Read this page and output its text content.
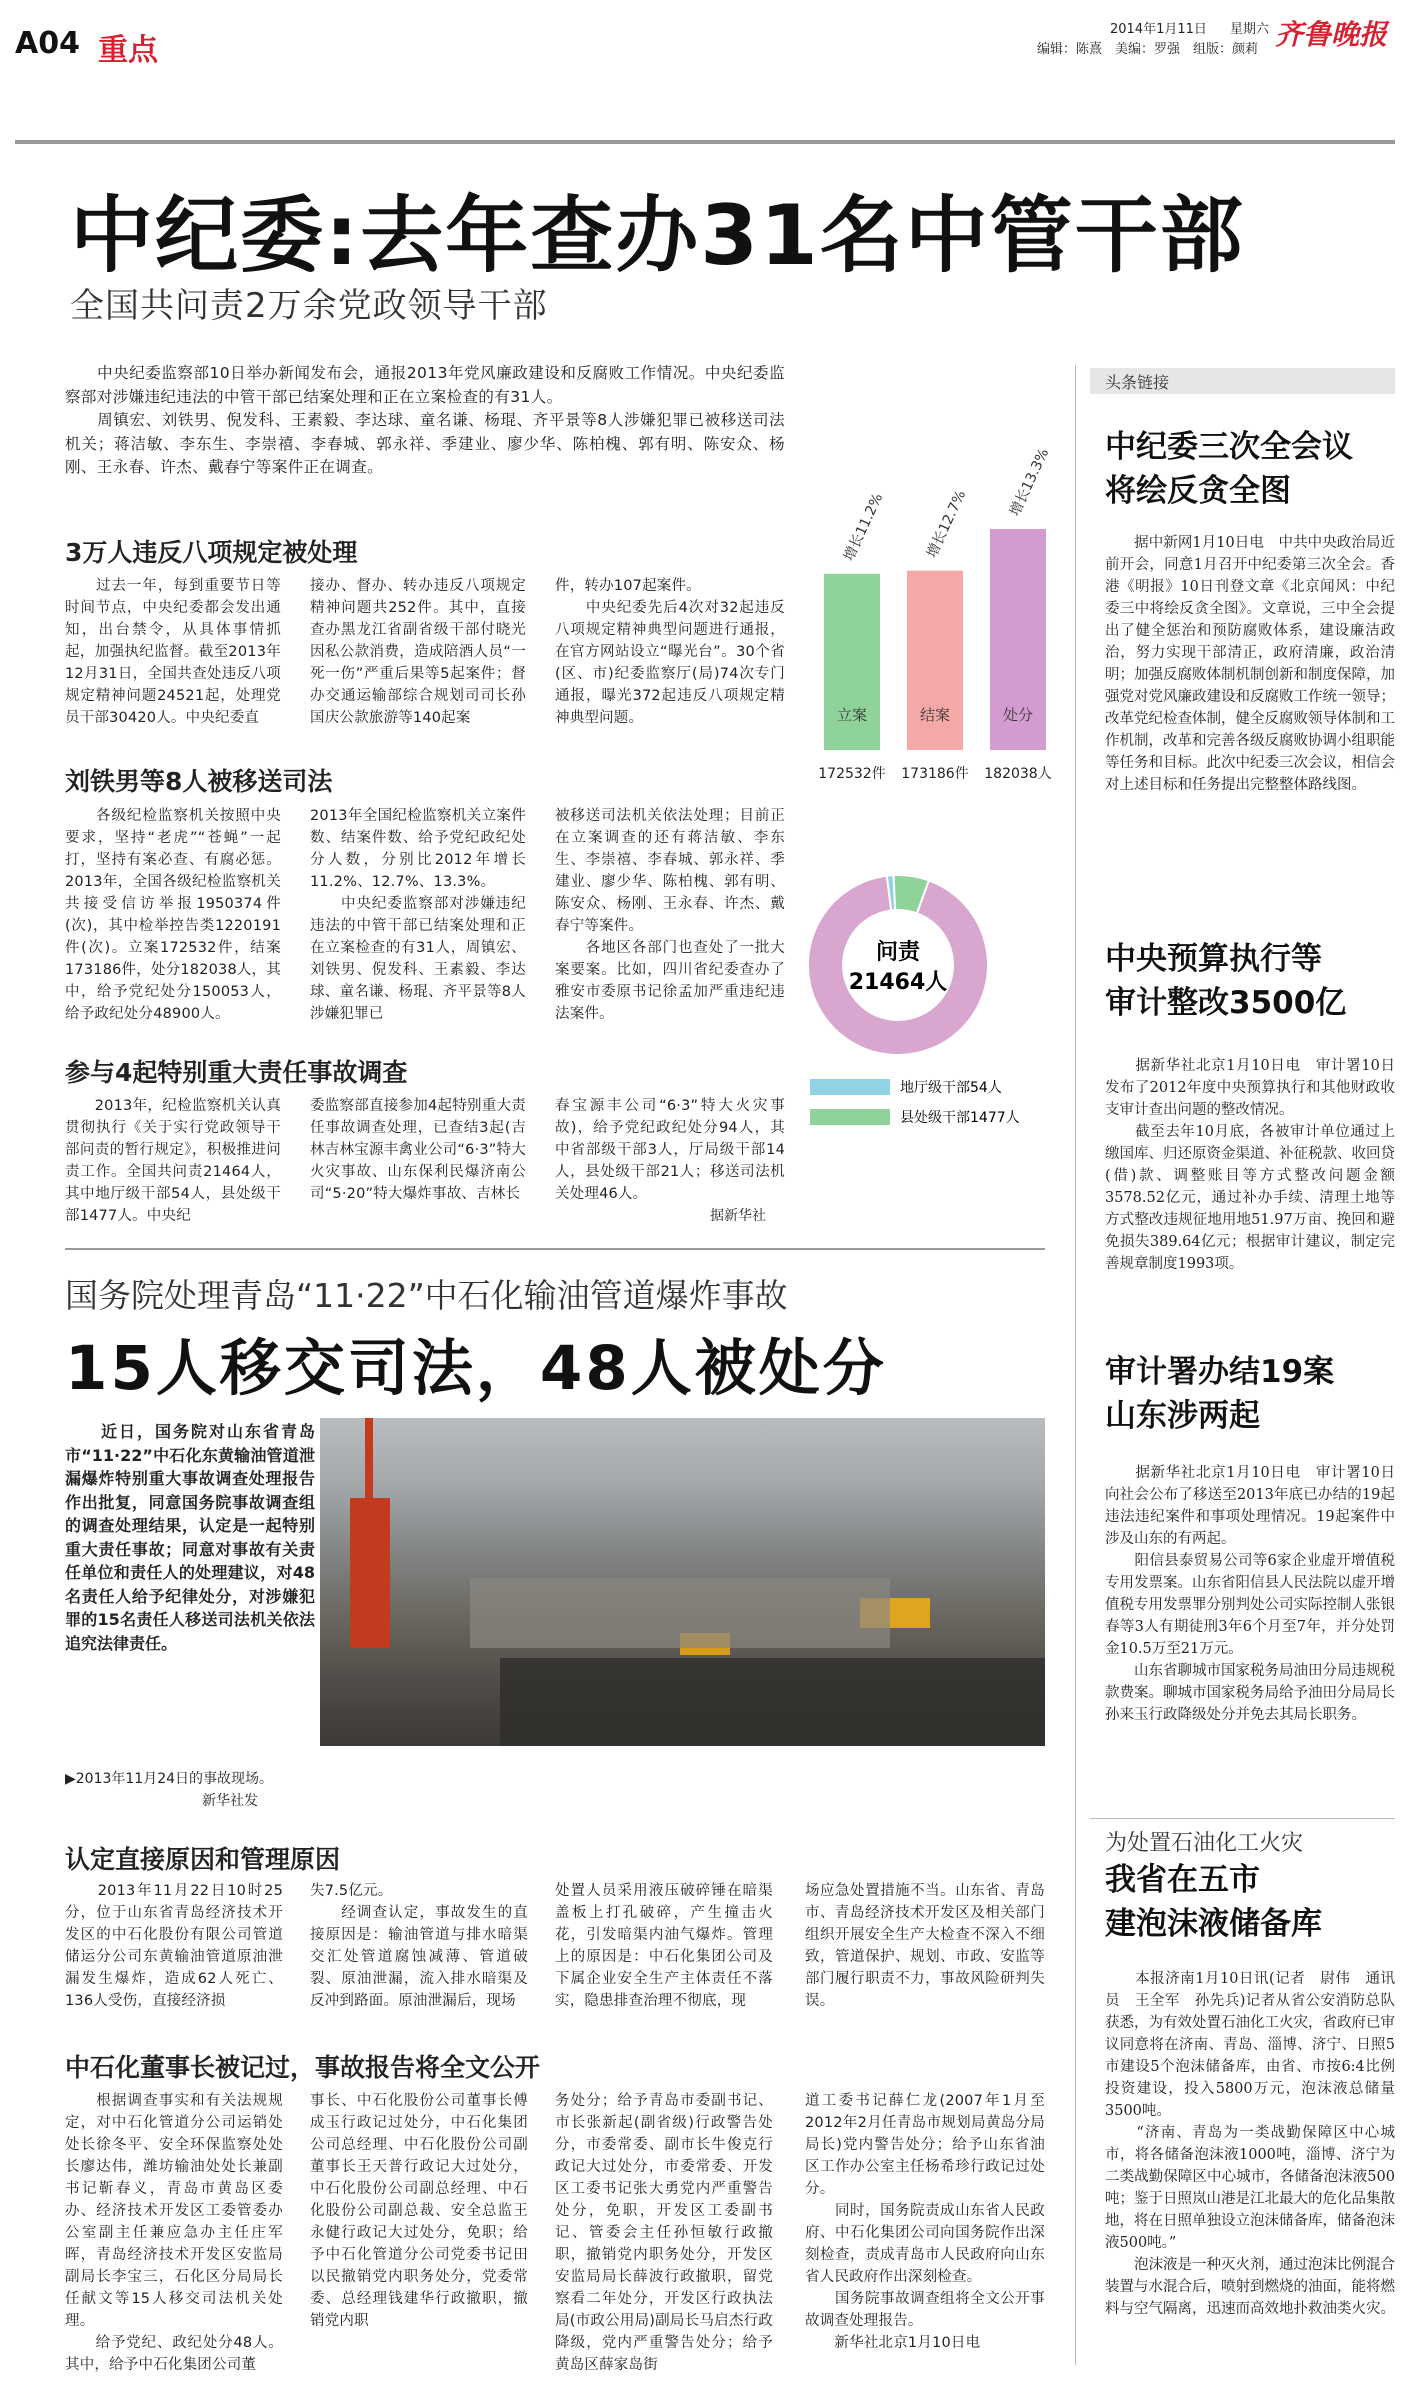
A04 重点
2014年1月11日 星期六
编辑：陈熹　美编：罗强　组版：颜莉 齐鲁晚报
中纪委:去年查办31名中管干部
全国共问责2万余党政领导干部
　　中央纪委监察部10日举办新闻发布会，通报2013年党风廉政建设和反腐败工作情况。中央纪委监察部对涉嫌违纪违法的中管干部已结案处理和正在立案检查的有31人。
　　周镇宏、刘铁男、倪发科、王素毅、李达球、童名谦、杨琨、齐平景等8人涉嫌犯罪已被移送司法机关；蒋洁敏、李东生、李崇禧、李春城、郭永祥、季建业、廖少华、陈柏槐、郭有明、陈安众、杨刚、王永春、许杰、戴春宁等案件正在调查。
3万人违反八项规定被处理
　　过去一年，每到重要节日等时间节点，中央纪委都会发出通知，出台禁令，从具体事情抓起，加强执纪监督。截至2013年12月31日，全国共查处违反八项规定精神问题24521起，处理党员干部30420人。中央纪委直
接办、督办、转办违反八项规定精神问题共252件。其中，直接查办黑龙江省副省级干部付晓光因私公款消费，造成陪酒人员“一死一伤”严重后果等5起案件；督办交通运输部综合规划司司长孙国庆公款旅游等140起案
件，转办107起案件。
　　中央纪委先后4次对32起违反八项规定精神典型问题进行通报，在官方网站设立“曝光台”。30个省(区、市)纪委监察厅(局)74次专门通报，曝光372起违反八项规定精神典型问题。
刘铁男等8人被移送司法
　　各级纪检监察机关按照中央要求，坚持“老虎”“苍蝇”一起打，坚持有案必查、有腐必惩。2013年，全国各级纪检监察机关共接受信访举报1950374件(次)，其中检举控告类1220191件(次)。立案172532件，结案173186件，处分182038人，其中，给予党纪处分150053人，给予政纪处分48900人。
2013年全国纪检监察机关立案件数、结案件数、给予党纪政纪处分人数，分别比2012年增长11.2%、12.7%、13.3%。
　　中央纪委监察部对涉嫌违纪违法的中管干部已结案处理和正在立案检查的有31人，周镇宏、刘铁男、倪发科、王素毅、李达球、童名谦、杨琨、齐平景等8人涉嫌犯罪已
被移送司法机关依法处理；目前正在立案调查的还有蒋洁敏、李东生、李崇禧、李春城、郭永祥、季建业、廖少华、陈柏槐、郭有明、陈安众、杨刚、王永春、许杰、戴春宁等案件。
　　各地区各部门也查处了一批大案要案。比如，四川省纪委查办了雅安市委原书记徐孟加严重违纪违法案件。
参与4起特别重大责任事故调查
　　2013年，纪检监察机关认真贯彻执行《关于实行党政领导干部问责的暂行规定》，积极推进问责工作。全国共问责21464人，其中地厅级干部54人，县处级干部1477人。中央纪
委监察部直接参加4起特别重大责任事故调查处理，已查结3起(吉林吉林宝源丰禽业公司“6·3”特大火灾事故、山东保利民爆济南公司“5·20”特大爆炸事故、吉林长
春宝源丰公司“6·3”特大火灾事故)，给予党纪政纪处分94人，其中省部级干部3人，厅局级干部14人，县处级干部21人；移送司法机关处理46人。
据新华社
立案
增长11.2%
172532件
结案
增长12.7%
173186件
处分
增长13.3%
182038人
问责
21464人
地厅级干部54人
县处级干部1477人
国务院处理青岛“11·22”中石化输油管道爆炸事故
15人移交司法，48人被处分
　　近日，国务院对山东省青岛市“11·22”中石化东黄输油管道泄漏爆炸特别重大事故调查处理报告作出批复，同意国务院事故调查组的调查处理结果，认定是一起特别重大责任事故；同意对事故有关责任单位和责任人的处理建议，对48名责任人给予纪律处分，对涉嫌犯罪的15名责任人移送司法机关依法追究法律责任。
▶2013年11月24日的事故现场。
新华社发
认定直接原因和管理原因
　　2013年11月22日10时25分，位于山东省青岛经济技术开发区的中石化股份有限公司管道储运分公司东黄输油管道原油泄漏发生爆炸，造成62人死亡、136人受伤，直接经济损
失7.5亿元。
　　经调查认定，事故发生的直接原因是：输油管道与排水暗渠交汇处管道腐蚀减薄、管道破裂、原油泄漏，流入排水暗渠及反冲到路面。原油泄漏后，现场
处置人员采用液压破碎锤在暗渠盖板上打孔破碎，产生撞击火花，引发暗渠内油气爆炸。管理上的原因是：中石化集团公司及下属企业安全生产主体责任不落实，隐患排查治理不彻底，现
场应急处置措施不当。山东省、青岛市、青岛经济技术开发区及相关部门组织开展安全生产大检查不深入不细致，管道保护、规划、市政、安监等部门履行职责不力，事故风险研判失误。
中石化董事长被记过，事故报告将全文公开
　　根据调查事实和有关法规规定，对中石化管道分公司运销处处长徐冬平、安全环保监察处处长廖达伟，潍坊输油处处长兼副书记靳春义，青岛市黄岛区委办、经济技术开发区工委管委办公室副主任兼应急办主任庄军晖，青岛经济技术开发区安监局副局长李宝三，石化区分局局长任献文等15人移交司法机关处理。
　　给予党纪、政纪处分48人。其中，给予中石化集团公司董
事长、中石化股份公司董事长傅成玉行政记过处分，中石化集团公司总经理、中石化股份公司副董事长王天普行政记大过处分，中石化股份公司副总经理、中石化股份公司副总裁、安全总监王永健行政记大过处分，免职；给予中石化管道分公司党委书记田以民撤销党内职务处分，党委常委、总经理钱建华行政撤职，撤销党内职
务处分；给予青岛市委副书记、市长张新起(副省级)行政警告处分，市委常委、副市长牛俊克行政记大过处分，市委常委、开发区工委书记张大勇党内严重警告处分，免职，开发区工委副书记、管委会主任孙恒敏行政撤职，撤销党内职务处分，开发区安监局局长薛波行政撤职，留党察看二年处分，开发区行政执法局(市政公用局)副局长马启杰行政降级，党内严重警告处分；给予黄岛区薛家岛街
道工委书记薛仁龙(2007年1月至2012年2月任青岛市规划局黄岛分局局长)党内警告处分；给予山东省油区工作办公室主任杨希珍行政记过处分。
　　同时，国务院责成山东省人民政府、中石化集团公司向国务院作出深刻检查，责成青岛市人民政府向山东省人民政府作出深刻检查。
　　国务院事故调查组将全文公开事故调查处理报告。
　　新华社北京1月10日电
头条链接
中纪委三次全会议
将绘反贪全图
　　据中新网1月10日电　中共中央政治局近前开会，同意1月召开中纪委第三次全会。香港《明报》10日刊登文章《北京闻风：中纪委三中将绘反贪全图》。文章说，三中全会提出了健全惩治和预防腐败体系，建设廉洁政治，努力实现干部清正，政府清廉，政治清明；加强反腐败体制机制创新和制度保障，加强党对党风廉政建设和反腐败工作统一领导；改革党纪检查体制，健全反腐败领导体制和工作机制，改革和完善各级反腐败协调小组职能等任务和目标。此次中纪委三次会议，相信会对上述目标和任务提出完整整体路线图。
中央预算执行等
审计整改3500亿
　　据新华社北京1月10日电　审计署10日发布了2012年度中央预算执行和其他财政收支审计查出问题的整改情况。
　　截至去年10月底，各被审计单位通过上缴国库、归还原资金渠道、补征税款、收回贷(借)款、调整账目等方式整改问题金额3578.52亿元，通过补办手续、清理土地等方式整改违规征地用地51.97万亩、挽回和避免损失389.64亿元；根据审计建议，制定完善规章制度1993项。
审计署办结19案
山东涉两起
　　据新华社北京1月10日电　审计署10日向社会公布了移送至2013年底已办结的19起违法违纪案件和事项处理情况。19起案件中涉及山东的有两起。
　　阳信县泰贸易公司等6家企业虚开增值税专用发票案。山东省阳信县人民法院以虚开增值税专用发票罪分别判处公司实际控制人张银春等3人有期徒刑3年6个月至7年，并分处罚金10.5万至21万元。
　　山东省聊城市国家税务局油田分局违规税款费案。聊城市国家税务局给予油田分局局长孙来玉行政降级处分并免去其局长职务。
为处置石油化工火灾
我省在五市
建泡沫液储备库
　　本报济南1月10日讯(记者　尉伟　通讯员　王全军　孙先兵)记者从省公安消防总队获悉，为有效处置石油化工火灾，省政府已审议同意将在济南、青岛、淄博、济宁、日照5市建设5个泡沫储备库，由省、市按6:4比例投资建设，投入5800万元，泡沫液总储量3500吨。
　　“济南、青岛为一类战勤保障区中心城市，将各储备泡沫液1000吨，淄博、济宁为二类战勤保障区中心城市，各储备泡沫液500吨；鉴于日照岚山港是江北最大的危化品集散地，将在日照单独设立泡沫储备库，储备泡沫液500吨。”
　　泡沫液是一种灭火剂，通过泡沫比例混合装置与水混合后，喷射到燃烧的油面，能将燃料与空气隔离，迅速而高效地扑救油类火灾。
